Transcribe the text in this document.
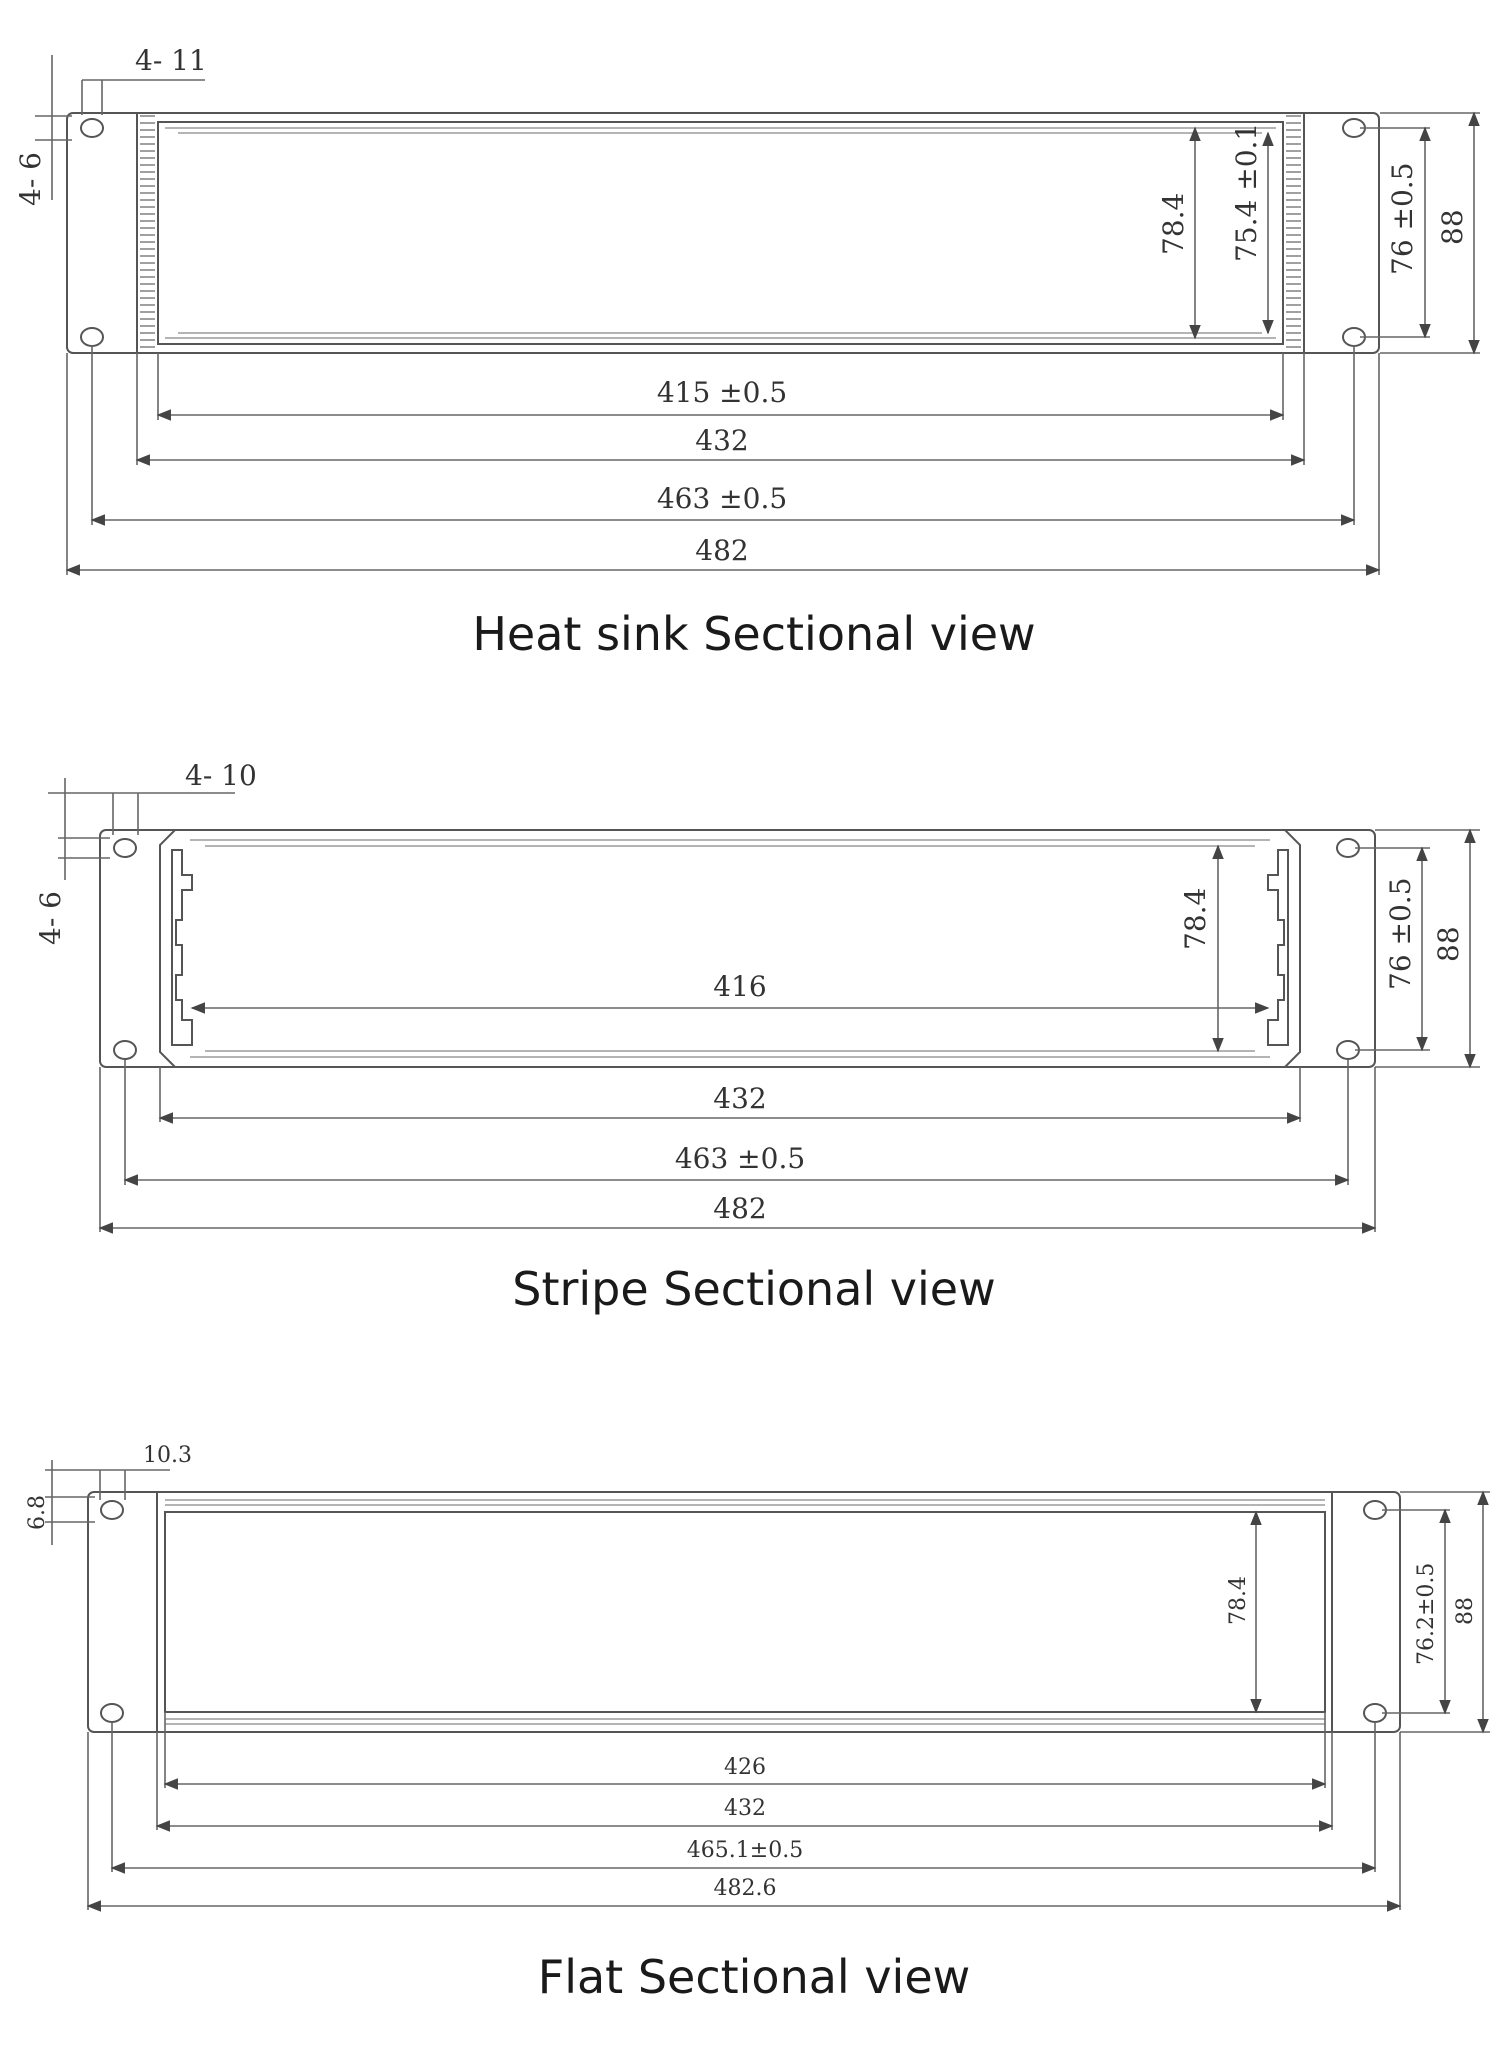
4- 11
4- 6
78.4 75.4 ±0.1	76 ±0.5 88
415 ±0.5
432
463 ±0.5
482
Heat sink Sectional view
4- 10
4- 6
416
78.4	76 ±0.5 88
432
463 ±0.5
482
Stripe Sectional view
10.3
6.8
78.4	76.2±0.5 88
426
432
465.1±0.5
482.6
Flat Sectional view
